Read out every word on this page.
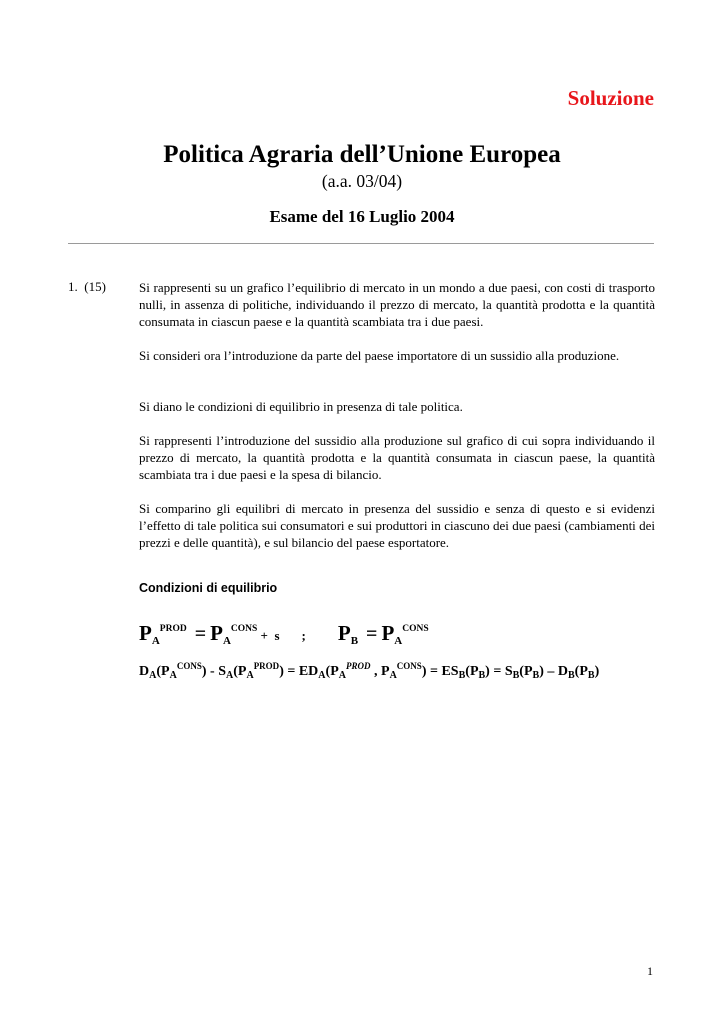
Soluzione
Politica Agraria dell’Unione Europea
(a.a. 03/04)
Esame del 16 Luglio 2004
1. (15)	Si rappresenti su un grafico l’equilibrio di mercato in un mondo a due paesi, con costi di trasporto nulli, in assenza di politiche, individuando il prezzo di mercato, la quantità prodotta e la quantità consumata in ciascun paese e la quantità scambiata tra i due paesi.
Si consideri ora l’introduzione da parte del paese importatore di un sussidio alla produzione.
Si diano le condizioni di equilibrio in presenza di tale politica.
Si rappresenti l’introduzione del sussidio alla produzione sul grafico di cui sopra individuando il prezzo di mercato, la quantità prodotta e la quantità consumata in ciascun paese, la quantità scambiata tra i due paesi e la spesa di bilancio.
Si comparino gli equilibri di mercato in presenza del sussidio e senza di questo e si evidenzi l’effetto di tale politica sui consumatori e sui produttori in ciascuno dei due paesi (cambiamenti dei prezzi e delle quantità), e sul bilancio del paese esportatore.
Condizioni di equilibrio
$P_A^{PROD} = P_A^{CONS} + s$ ; $P_B = P_A^{CONS}$
$D_A(P_A^{CONS}) - S_A(P_A^{PROD}) = ED_A(P_A^{PROD}$ , $P_A^{CONS}) = ES_B(P_B) = S_B(P_B) - D_B(P_B)$
1
